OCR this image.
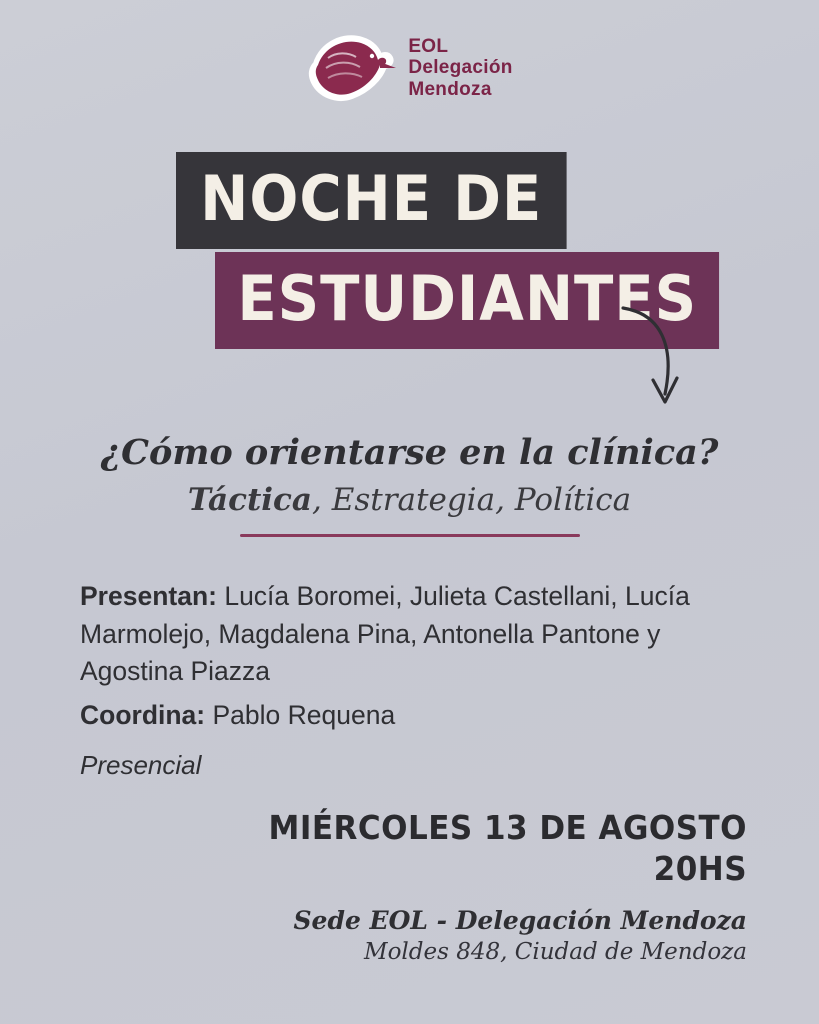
EOL
Delegación
Mendoza
NOCHE DE
ESTUDIANTES
¿Cómo orientarse en la clínica?
Táctica, Estrategia, Política
Presentan: Lucía Boromei, Julieta Castellani, Lucía Marmolejo, Magdalena Pina, Antonella Pantone y Agostina Piazza
Coordina: Pablo Requena
Presencial
MIÉRCOLES 13 DE AGOSTO
20HS
Sede EOL - Delegación Mendoza
Moldes 848, Ciudad de Mendoza
